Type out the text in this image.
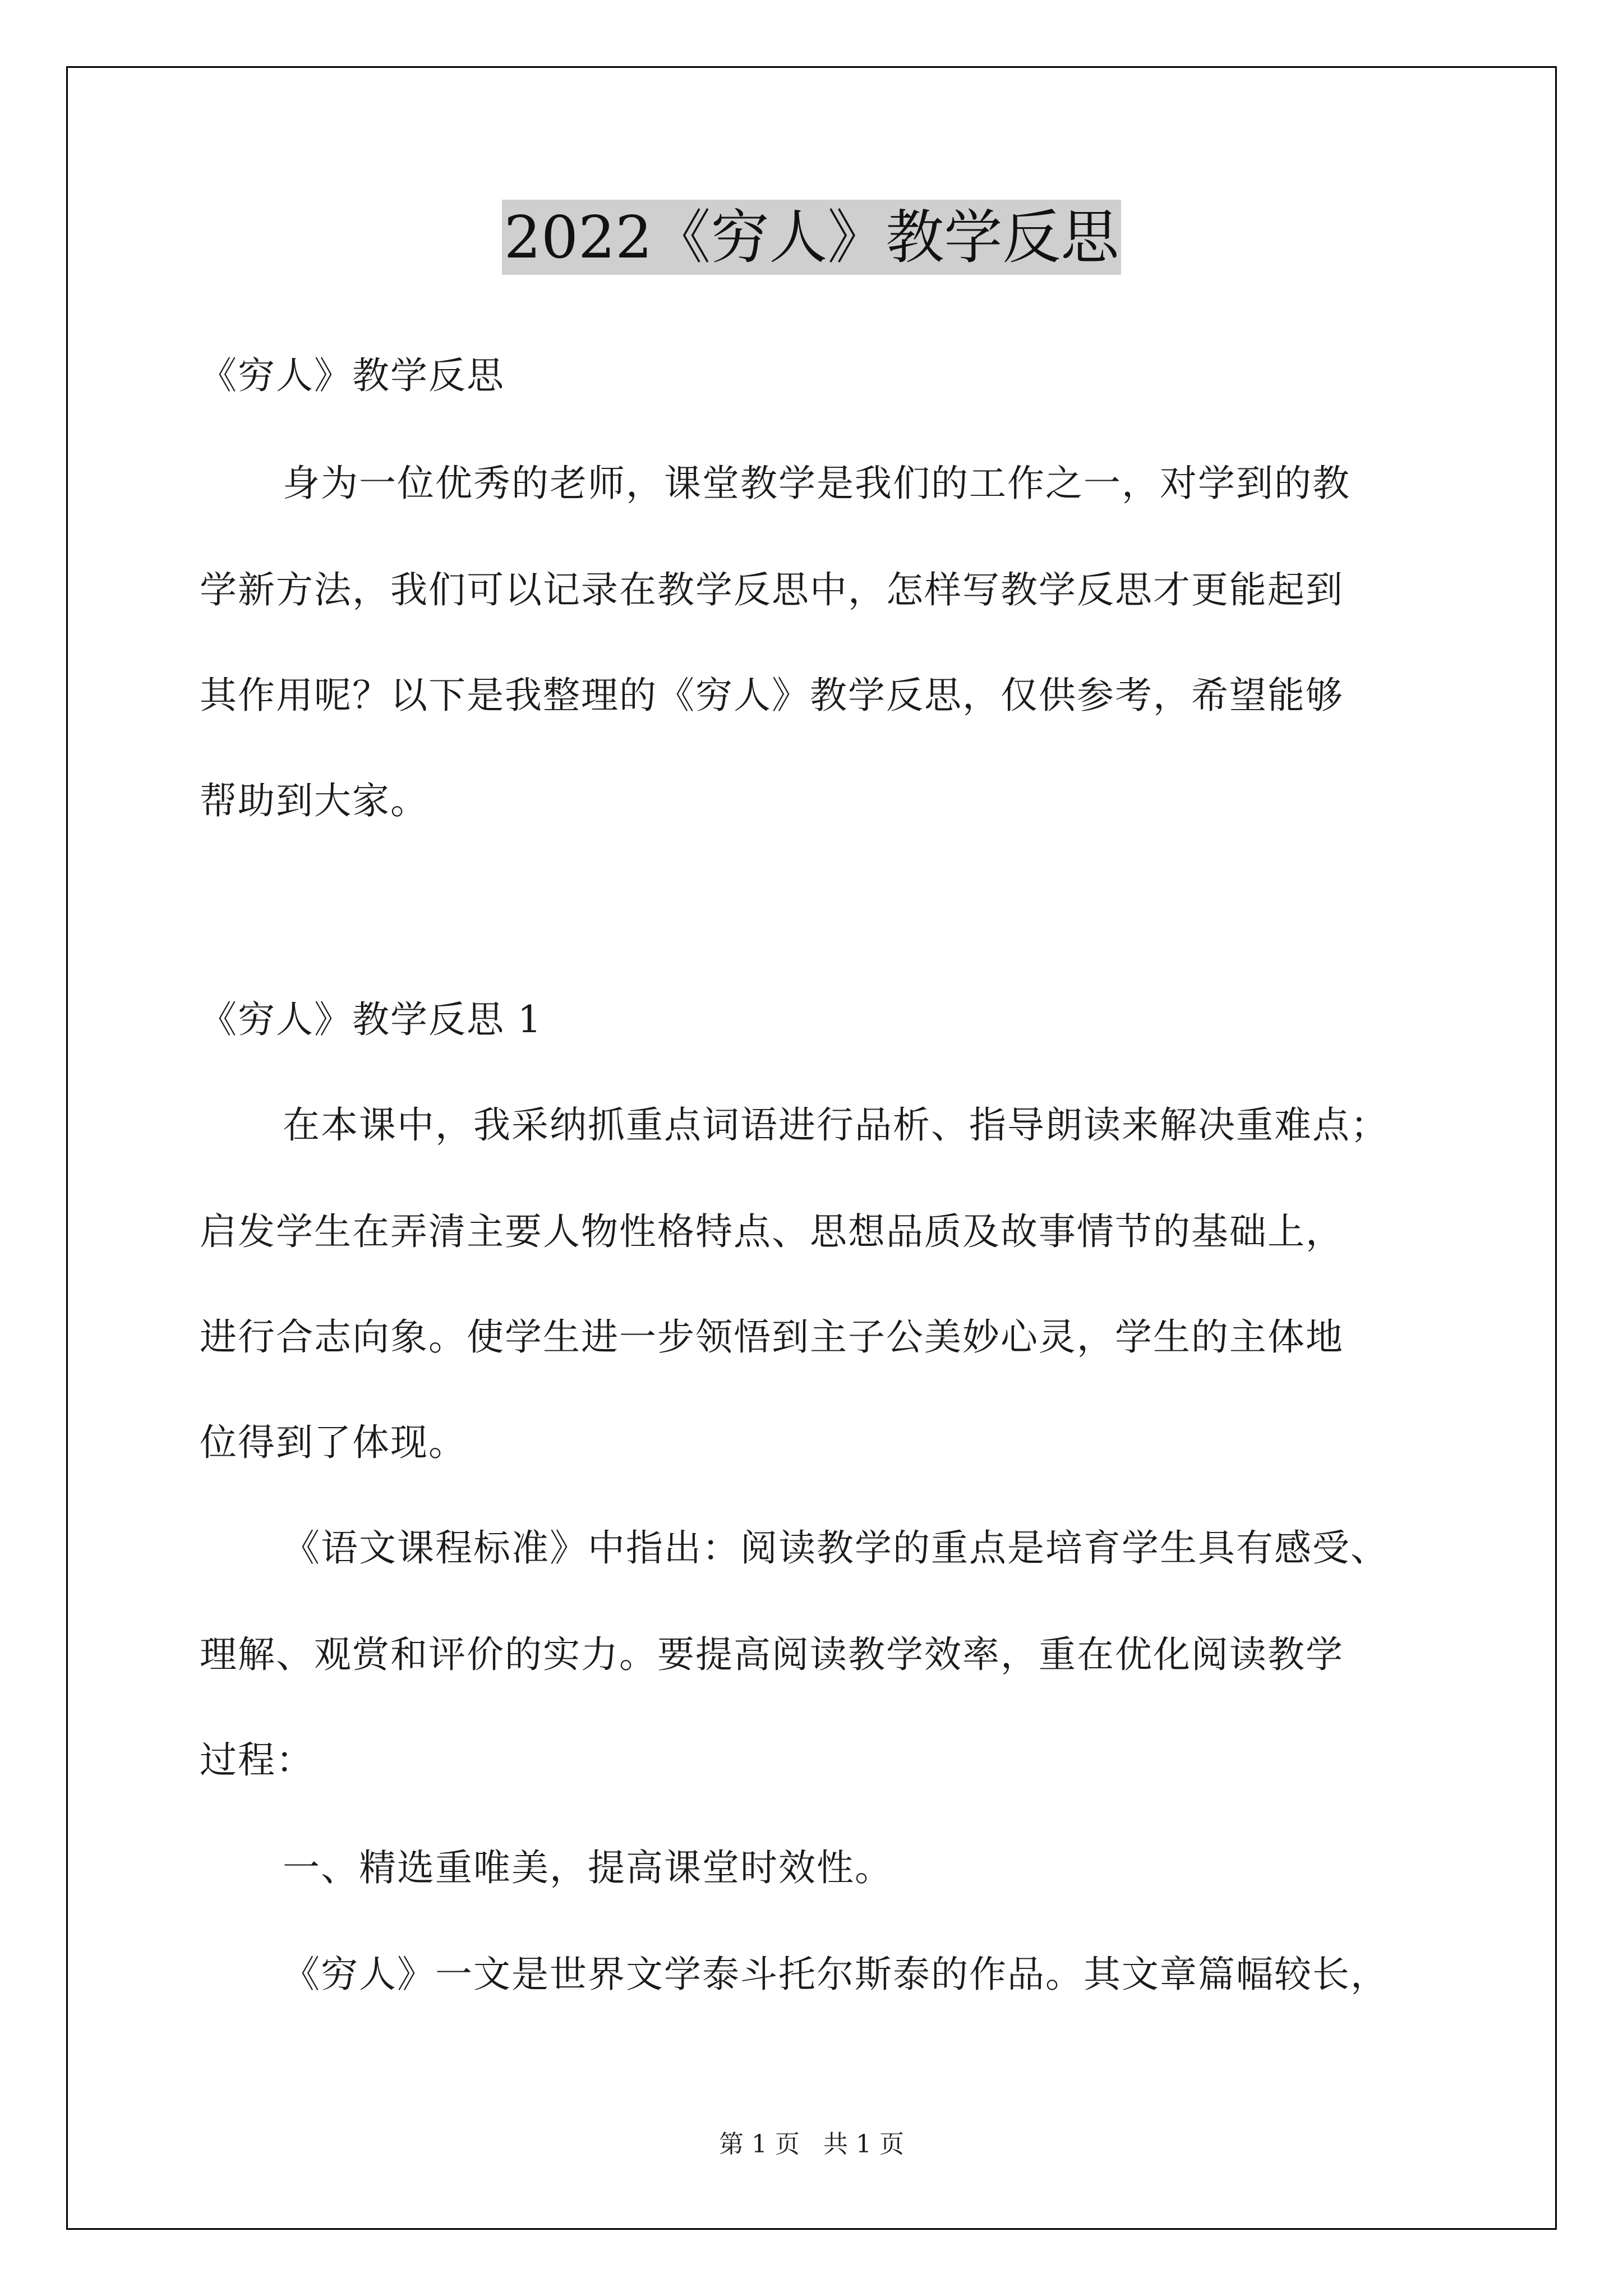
2022《穷人》教学反思
《穷人》教学反思
身为一位优秀的老师，课堂教学是我们的工作之一，对学到的教
学新方法，我们可以记录在教学反思中，怎样写教学反思才更能起到
其作用呢？以下是我整理的《穷人》教学反思，仅供参考，希望能够
帮助到大家。
《穷人》教学反思 1
在本课中，我采纳抓重点词语进行品析、指导朗读来解决重难点；
启发学生在弄清主要人物性格特点、思想品质及故事情节的基础上，
进行合志向象。使学生进一步领悟到主子公美妙心灵，学生的主体地
位得到了体现。
《语文课程标准》中指出：阅读教学的重点是培育学生具有感受、
理解、观赏和评价的实力。要提高阅读教学效率，重在优化阅读教学
过程：
一、精选重唯美，提高课堂时效性。
《穷人》一文是世界文学泰斗托尔斯泰的作品。其文章篇幅较长，
第 1 页 共 1 页
